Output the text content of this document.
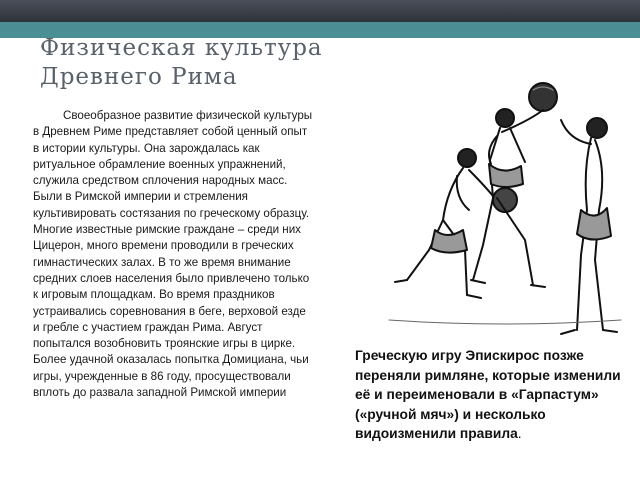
Физическая культура
Древнего Рима
Своеобразное развитие физической культуры в Древнем Риме представляет собой ценный опыт в истории культуры. Она зарождалась как ритуальное обрамление военных упражнений, служила средством сплочения народных масс. Были в Римской империи и стремления культивировать состязания по греческому образцу. Многие известные римские граждане – среди них Цицерон, много времени проводили в греческих гимнастических залах. В то же время внимание средних слоев населения было привлечено только к игровым площадкам. Во время праздников устраивались соревнования в беге, верховой езде и гребле с участием граждан Рима. Август попытался возобновить троянские игры в цирке. Более удачной оказалась попытка Домициана, чьи игры, учрежденные в 86 году, просуществовали вплоть до развала западной Римской империи
Греческую игру Эпискирос позже переняли римляне, которые изменили её и переименовали в «Гарпастум» («ручной мяч») и несколько видоизменили правила.
